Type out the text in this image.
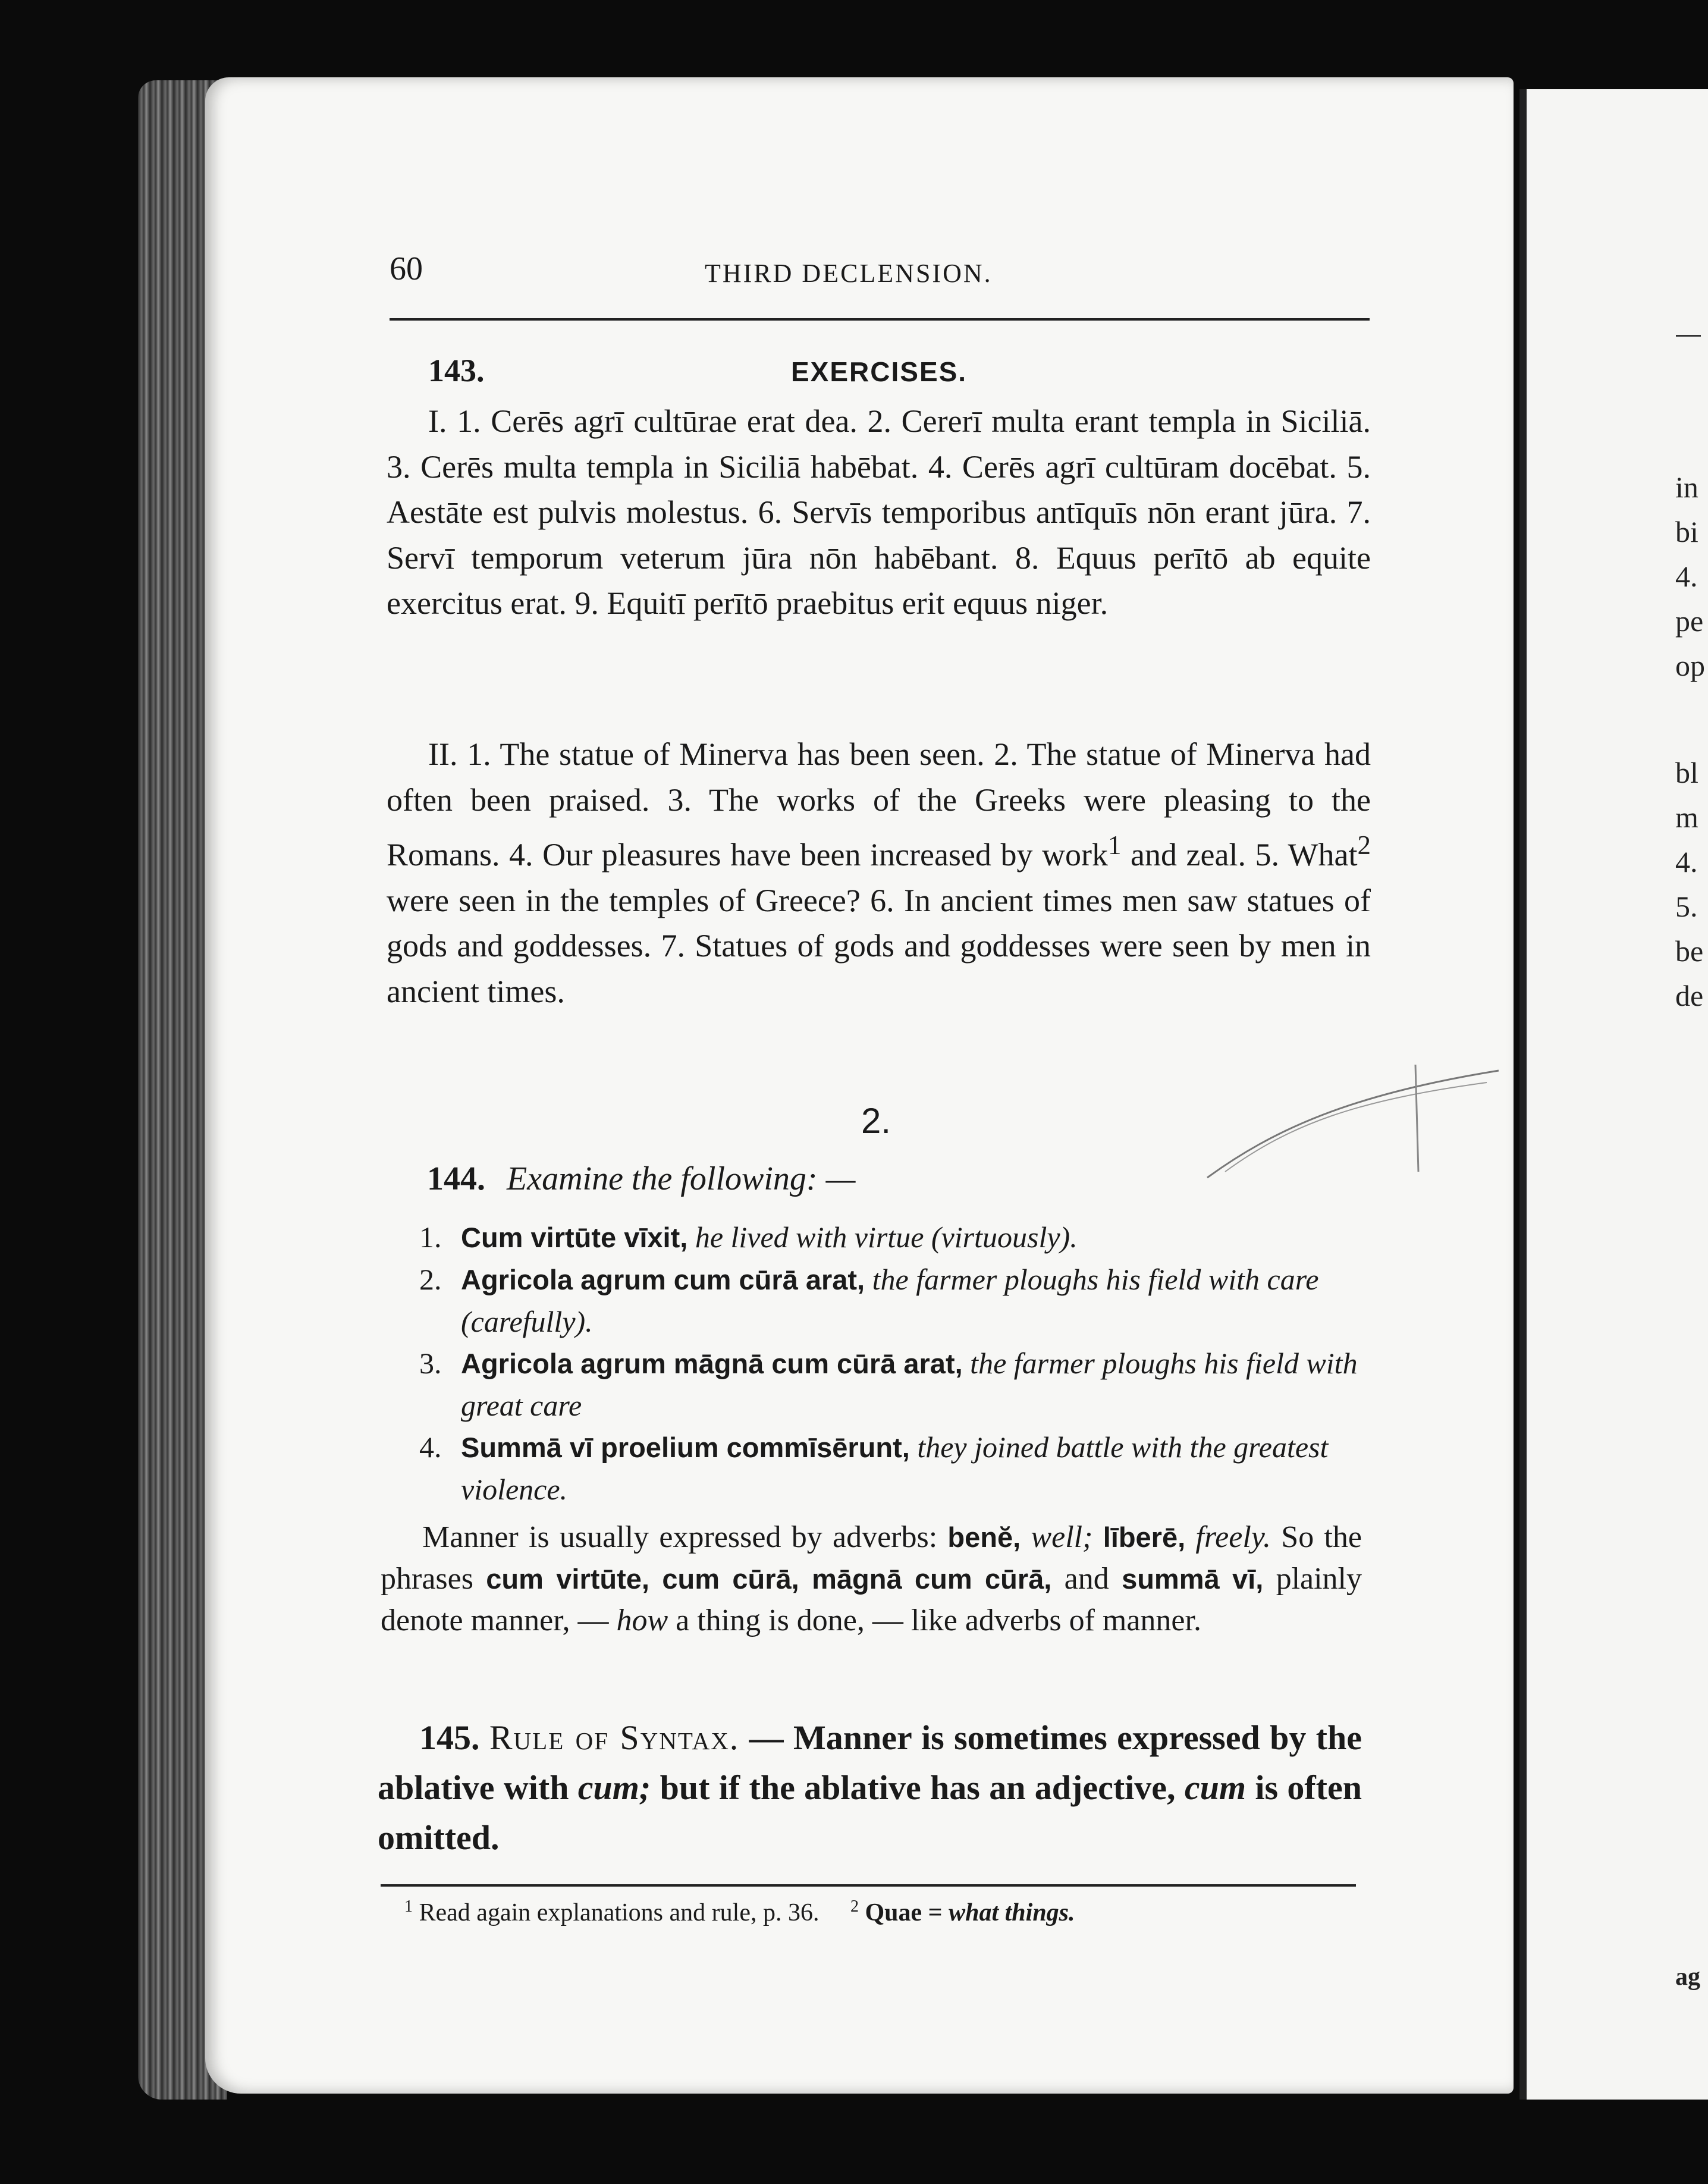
in
bi
4.
pe
op
bl
m
4.
5.
be
de
ag
60	THIRD DECLENSION.
143.	EXERCISES.

I. 1. Cerēs agrī cultūrae erat dea. 2. Cererī multa erant templa in Siciliā. 3. Cerēs multa templa in Siciliā habēbat. 4. Cerēs agrī cultūram docēbat. 5. Aestāte est pulvis molestus. 6. Servīs temporibus antīquīs nōn erant jūra. 7. Servī temporum veterum jūra nōn habēbant. 8. Equus perītō ab equite exercitus erat. 9. Equitī perītō praebitus erit equus niger.

II. 1. The statue of Minerva has been seen. 2. The statue of Minerva had often been praised. 3. The works of the Greeks were pleasing to the Romans. 4. Our pleasures have been increased by work$^1$ and zeal. 5. What$^2$ were seen in the temples of Greece? 6. In ancient times men saw statues of gods and goddesses. 7. Statues of gods and goddesses were seen by men in ancient times.

2.
144. Examine the following: —
1. Cum virtūte vīxit, he lived with virtue (virtuously).
2. Agricola agrum cum cūrā arat, the farmer ploughs his field with care (carefully).
3. Agricola agrum māgnā cum cūrā arat, the farmer ploughs his field with great care
4. Summā vī proelium commīsērunt, they joined battle with the greatest violence.

Manner is usually expressed by adverbs: benĕ, well; līberē, freely. So the phrases cum virtūte, cum cūrā, māgnā cum cūrā, and summā vī, plainly denote manner, — how a thing is done, — like adverbs of manner.

145. Rule of Syntax. — Manner is sometimes expressed by the ablative with cum; but if the ablative has an adjective, cum is often omitted.

$^1$ Read again explanations and rule, p. 36. $^2$ Quae = what things.
